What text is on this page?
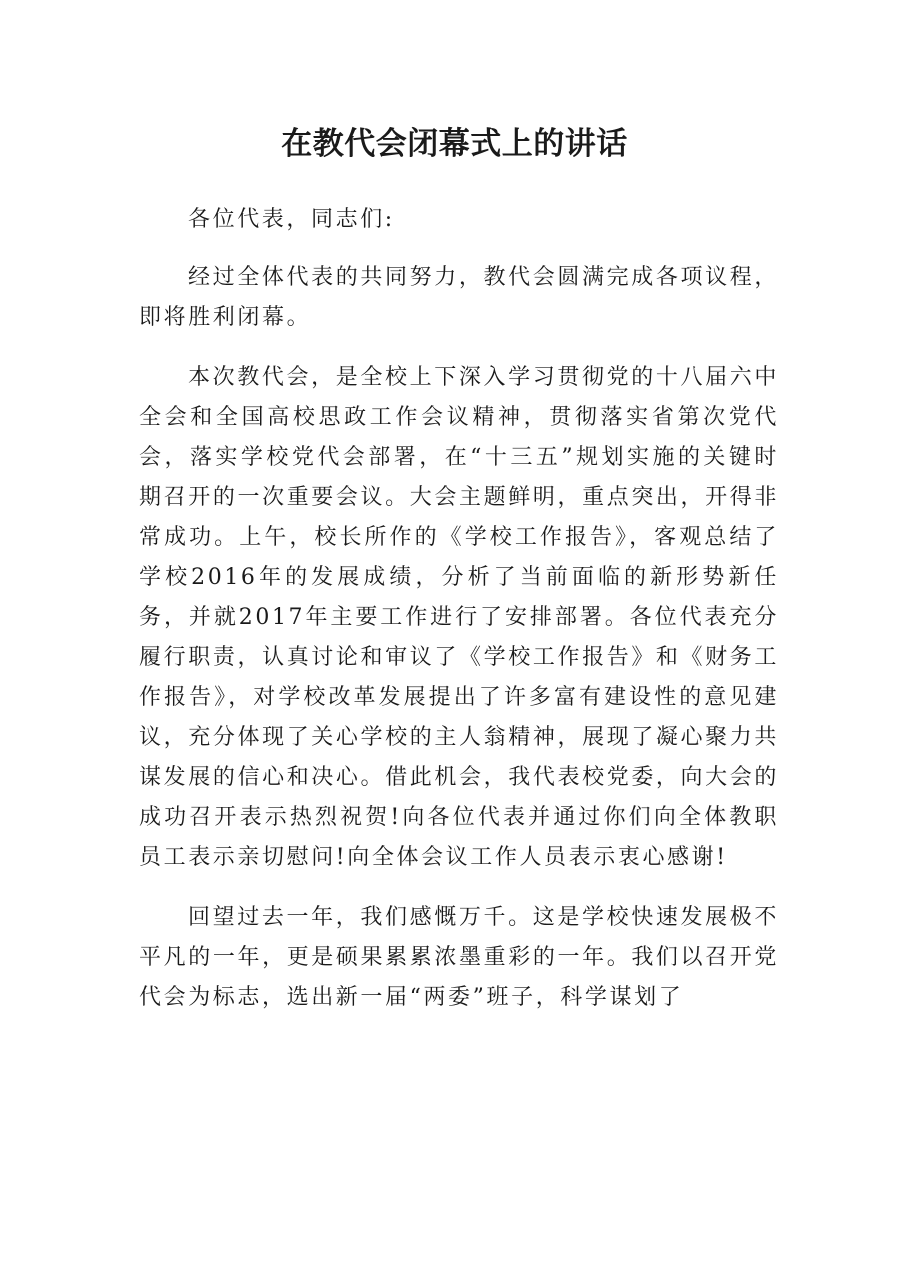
在教代会闭幕式上的讲话

各位代表，同志们:

经过全体代表的共同努力，教代会圆满完成各项议程，即将胜利闭幕。

本次教代会，是全校上下深入学习贯彻党的十八届六中全会和全国高校思政工作会议精神，贯彻落实省第次党代会，落实学校党代会部署，在“十三五”规划实施的关键时期召开的一次重要会议。大会主题鲜明，重点突出，开得非常成功。上午，校长所作的《学校工作报告》，客观总结了学校2016年的发展成绩，分析了当前面临的新形势新任务，并就2017年主要工作进行了安排部署。各位代表充分履行职责，认真讨论和审议了《学校工作报告》和《财务工作报告》，对学校改革发展提出了许多富有建设性的意见建议，充分体现了关心学校的主人翁精神，展现了凝心聚力共谋发展的信心和决心。借此机会，我代表校党委，向大会的成功召开表示热烈祝贺!向各位代表并通过你们向全体教职员工表示亲切慰问!向全体会议工作人员表示衷心感谢!

回望过去一年，我们感慨万千。这是学校快速发展极不平凡的一年，更是硕果累累浓墨重彩的一年。我们以召开党代会为标志，选出新一届“两委”班子，科学谋划了
